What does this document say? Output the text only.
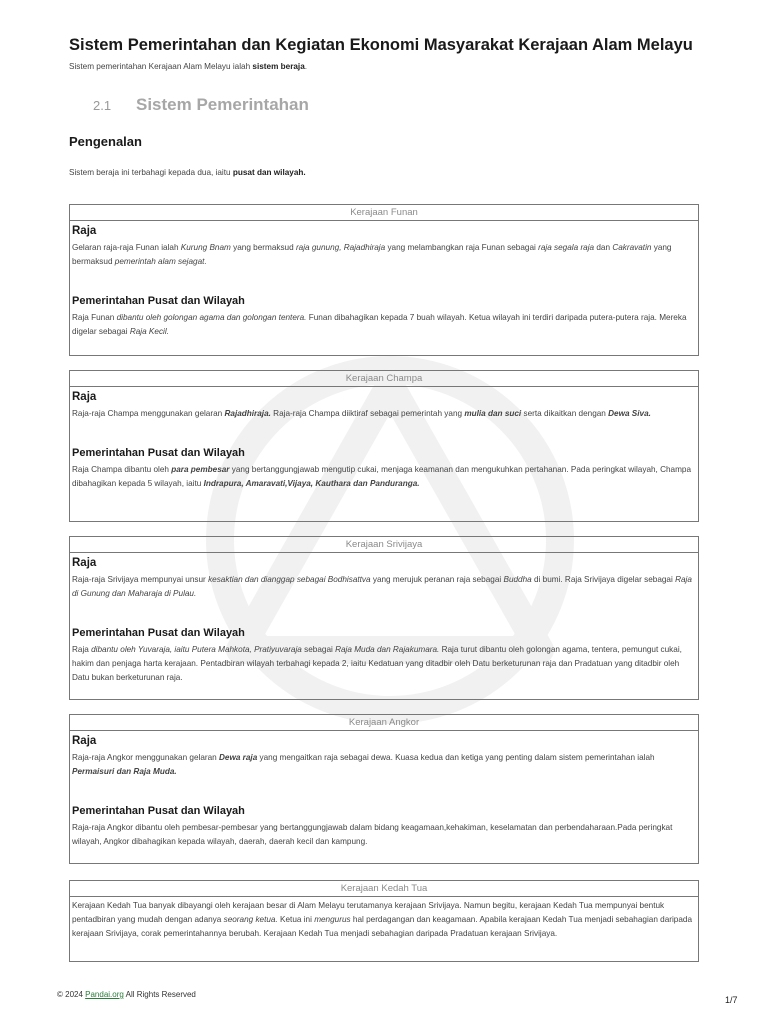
Sistem Pemerintahan dan Kegiatan Ekonomi Masyarakat Kerajaan Alam Melayu
Sistem pemerintahan Kerajaan Alam Melayu ialah sistem beraja.
2.1 Sistem Pemerintahan
Pengenalan
Sistem beraja ini terbahagi kepada dua, iaitu pusat dan wilayah.
Kerajaan Funan
Raja
Gelaran raja-raja Funan ialah Kurung Bnam yang bermaksud raja gunung, Rajadhiraja yang melambangkan raja Funan sebagai raja segala raja dan Cakravatin yang bermaksud pemerintah alam sejagat.
Pemerintahan Pusat dan Wilayah
Raja Funan dibantu oleh golongan agama dan golongan tentera. Funan dibahagikan kepada 7 buah wilayah. Ketua wilayah ini terdiri daripada putera-putera raja. Mereka digelar sebagai Raja Kecil.
Kerajaan Champa
Raja
Raja-raja Champa menggunakan gelaran Rajadhiraja. Raja-raja Champa diiktiraf sebagai pemerintah yang mulia dan suci serta dikaitkan dengan Dewa Siva.
Pemerintahan Pusat dan Wilayah
Raja Champa dibantu oleh para pembesar yang bertanggungjawab mengutip cukai, menjaga keamanan dan mengukuhkan pertahanan. Pada peringkat wilayah, Champa dibahagikan kepada 5 wilayah, iaitu Indrapura, Amaravati,Vijaya, Kauthara dan Panduranga.
Kerajaan Srivijaya
Raja
Raja-raja Srivijaya mempunyai unsur kesaktian dan dianggap sebagai Bodhisattva yang merujuk peranan raja sebagai Buddha di bumi. Raja Srivijaya digelar sebagai Raja di Gunung dan Maharaja di Pulau.
Pemerintahan Pusat dan Wilayah
Raja dibantu oleh Yuvaraja, iaitu Putera Mahkota, Pratiyuvaraja sebagai Raja Muda dan Rajakumara. Raja turut dibantu oleh golongan agama, tentera, pemungut cukai, hakim dan penjaga harta kerajaan. Pentadbiran wilayah terbahagi kepada 2, iaitu Kedatuan yang ditadbir oleh Datu berketurunan raja dan Pradatuan yang ditadbir oleh Datu bukan berketurunan raja.
Kerajaan Angkor
Raja
Raja-raja Angkor menggunakan gelaran Dewa raja yang mengaitkan raja sebagai dewa. Kuasa kedua dan ketiga yang penting dalam sistem pemerintahan ialah Permaisuri dan Raja Muda.
Pemerintahan Pusat dan Wilayah
Raja-raja Angkor dibantu oleh pembesar-pembesar yang bertanggungjawab dalam bidang keagamaan,kehakiman, keselamatan dan perbendaharaan.Pada peringkat wilayah, Angkor dibahagikan kepada wilayah, daerah, daerah kecil dan kampung.
Kerajaan Kedah Tua
Kerajaan Kedah Tua banyak dibayangi oleh kerajaan besar di Alam Melayu terutamanya kerajaan Srivijaya. Namun begitu, kerajaan Kedah Tua mempunyai bentuk pentadbiran yang mudah dengan adanya seorang ketua. Ketua ini mengurus hal perdagangan dan keagamaan. Apabila kerajaan Kedah Tua menjadi sebahagian daripada kerajaan Srivijaya, corak pemerintahannya berubah. Kerajaan Kedah Tua menjadi sebahagian daripada Pradatuan kerajaan Srivijaya.
© 2024 Pandai.org All Rights Reserved
1/7
